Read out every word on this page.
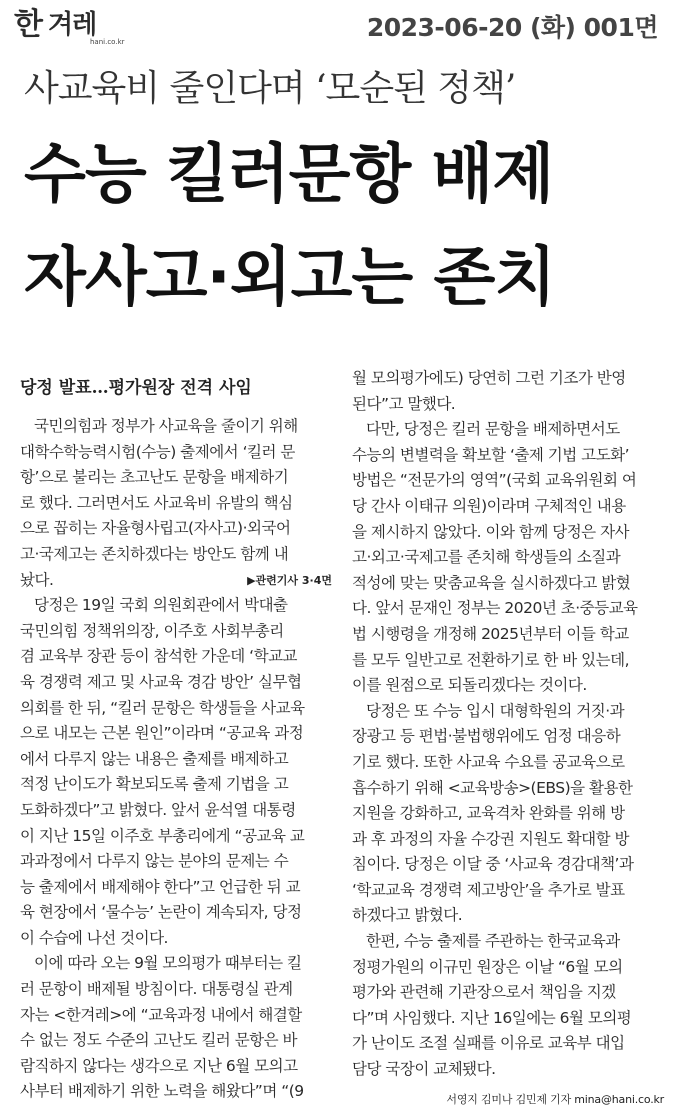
한 겨레
hani.co.kr	2023-06-20 (화) 001면
사교육비 줄인다며 ‘모순된 정책’
수능 킬러문항 배제
자사고·외고는 존치
당정 발표…평가원장 전격 사임
국민의힘과 정부가 사교육을 줄이기 위해
대학수학능력시험(수능) 출제에서 ‘킬러 문
항’으로 불리는 초고난도 문항을 배제하기
로 했다. 그러면서도 사교육비 유발의 핵심
으로 꼽히는 자율형사립고(자사고)·외국어
고·국제고는 존치하겠다는 방안도 함께 내
놨다.	▶관련기사 3·4면
당정은 19일 국회 의원회관에서 박대출
국민의힘 정책위의장, 이주호 사회부총리
겸 교육부 장관 등이 참석한 가운데 ‘학교교
육 경쟁력 제고 및 사교육 경감 방안’ 실무협
의회를 한 뒤, “킬러 문항은 학생들을 사교육
으로 내모는 근본 원인”이라며 “공교육 과정
에서 다루지 않는 내용은 출제를 배제하고
적정 난이도가 확보되도록 출제 기법을 고
도화하겠다”고 밝혔다. 앞서 윤석열 대통령
이 지난 15일 이주호 부총리에게 “공교육 교
과과정에서 다루지 않는 분야의 문제는 수
능 출제에서 배제해야 한다”고 언급한 뒤 교
육 현장에서 ‘물수능’ 논란이 계속되자, 당정
이 수습에 나선 것이다.
이에 따라 오는 9월 모의평가 때부터는 킬
러 문항이 배제될 방침이다. 대통령실 관계
자는 <한겨레>에 “교육과정 내에서 해결할
수 없는 정도 수준의 고난도 킬러 문항은 바
람직하지 않다는 생각으로 지난 6월 모의고
사부터 배제하기 위한 노력을 해왔다”며 “(9
월 모의평가에도) 당연히 그런 기조가 반영
된다”고 말했다.
다만, 당정은 킬러 문항을 배제하면서도
수능의 변별력을 확보할 ‘출제 기법 고도화’
방법은 “전문가의 영역”(국회 교육위원회 여
당 간사 이태규 의원)이라며 구체적인 내용
을 제시하지 않았다. 이와 함께 당정은 자사
고·외고·국제고를 존치해 학생들의 소질과
적성에 맞는 맞춤교육을 실시하겠다고 밝혔
다. 앞서 문재인 정부는 2020년 초·중등교육
법 시행령을 개정해 2025년부터 이들 학교
를 모두 일반고로 전환하기로 한 바 있는데,
이를 원점으로 되돌리겠다는 것이다.
당정은 또 수능 입시 대형학원의 거짓·과
장광고 등 편법·불법행위에도 엄정 대응하
기로 했다. 또한 사교육 수요를 공교육으로
흡수하기 위해 <교육방송>(EBS)을 활용한
지원을 강화하고, 교육격차 완화를 위해 방
과 후 과정의 자율 수강권 지원도 확대할 방
침이다. 당정은 이달 중 ‘사교육 경감대책’과
‘학교교육 경쟁력 제고방안’을 추가로 발표
하겠다고 밝혔다.
한편, 수능 출제를 주관하는 한국교육과
정평가원의 이규민 원장은 이날 “6월 모의
평가와 관련해 기관장으로서 책임을 지겠
다”며 사임했다. 지난 16일에는 6월 모의평
가 난이도 조절 실패를 이유로 교육부 대입
담당 국장이 교체됐다.
서영지 김미나 김민제 기자 mina@hani.co.kr
